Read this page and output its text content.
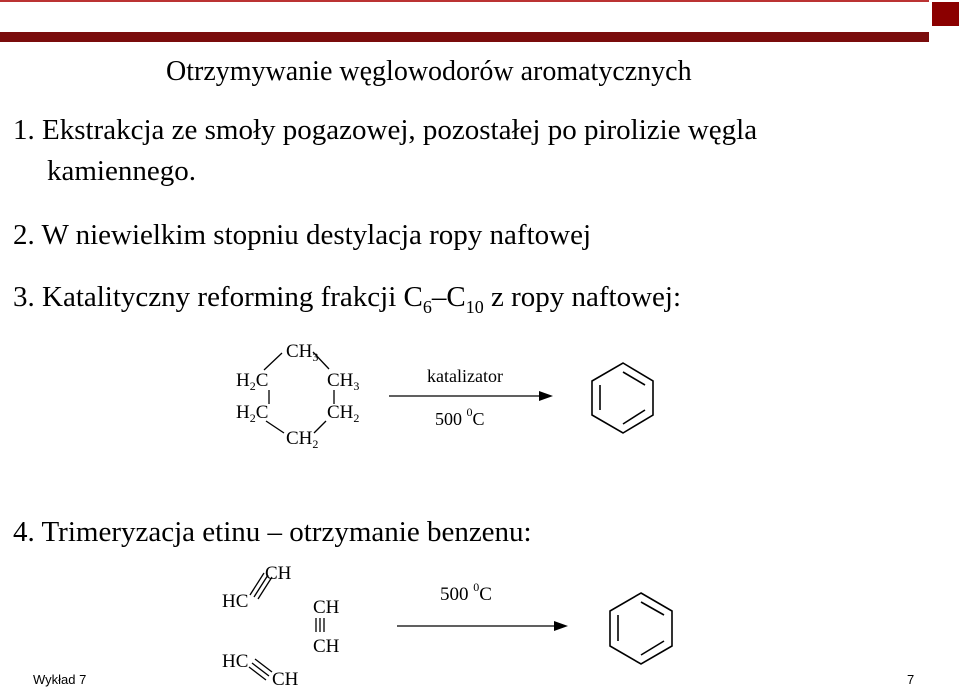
Otrzymywanie węglowodorów aromatycznych
1. Ekstrakcja ze smoły pogazowej, pozostałej po pirolizie węgla
kamiennego.
2. W niewielkim stopniu destylacja ropy naftowej
3. Katalityczny reforming frakcji $C_6-C_{10}$ z ropy naftowej:
4. Trimeryzacja etinu – otrzymanie benzenu:
$CH_3$
$H_2C$	$CH_3$
$H_2C$	$CH_2$
$CH_2$
katalizator
500 $^0$C
CH
HC	CH
CH
HC
CH
500 $^0$C
Wykład 7	7
